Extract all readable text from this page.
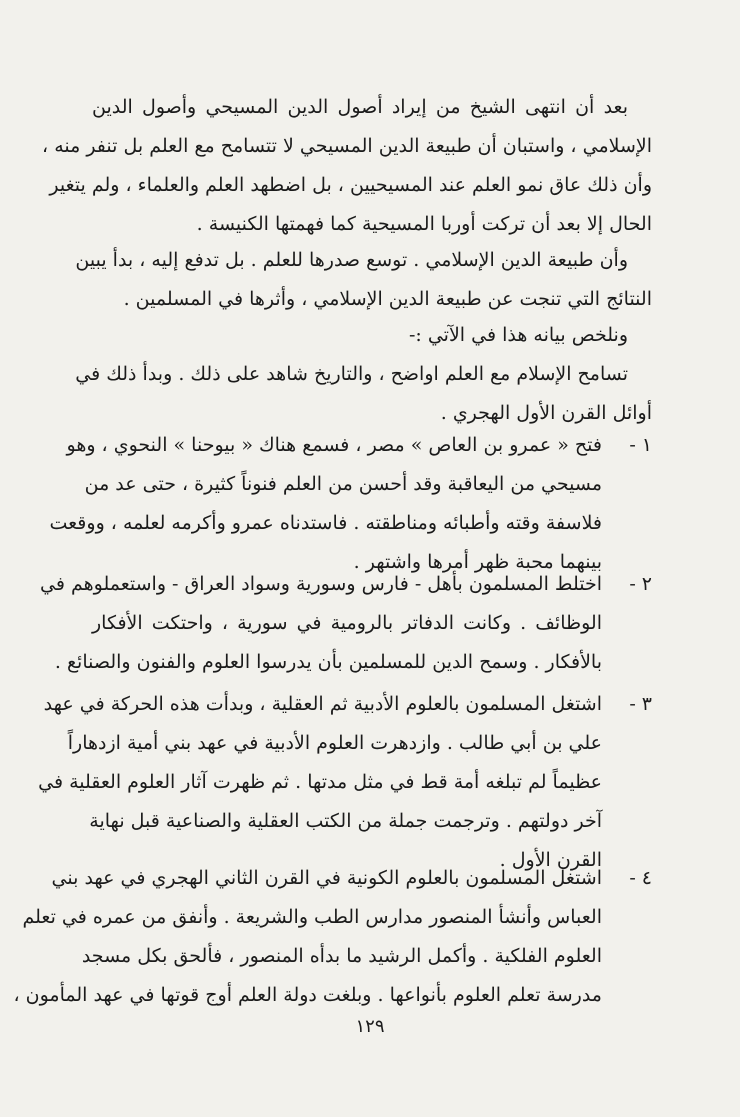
بعد أن انتهى الشيخ من إيراد أصول الدين المسيحي وأصول الدين
الإسلامي ، واستبان أن طبيعة الدين المسيحي لا تتسامح مع العلم بل تنفر منه ،
وأن ذلك عاق نمو العلم عند المسيحيين ، بل اضطهد العلم والعلماء ، ولم يتغير
الحال إلا بعد أن تركت أوربا المسيحية كما فهمتها الكنيسة .
وأن طبيعة الدين الإسلامي . توسع صدرها للعلم . بل تدفع إليه ، بدأ يبين
النتائج التي تنجت عن طبيعة الدين الإسلامي ، وأثرها في المسلمين .
ونلخص بيانه هذا في الآتي :-
تسامح الإسلام مع العلم اواضح ، والتاريخ شاهد على ذلك . وبدأ ذلك في
أوائل القرن الأول الهجري .
١ -
فتح « عمرو بن العاص » مصر ، فسمع هناك « بيوحنا » النحوي ، وهو
مسيحي من اليعاقبة وقد أحسن من العلم فنوناً كثيرة ، حتى عد من
فلاسفة وقته وأطبائه ومناطقته . فاستدناه عمرو وأكرمه لعلمه ، ووقعت
بينهما محبة ظهر أمرها واشتهر .
٢ -
اختلط المسلمون بأهل - فارس وسورية وسواد العراق - واستعملوهم في
الوظائف . وكانت الدفاتر بالرومية في سورية ، واحتكت الأفكار
بالأفكار . وسمح الدين للمسلمين بأن يدرسوا العلوم والفنون والصنائع .
٣ -
اشتغل المسلمون بالعلوم الأدبية ثم العقلية ، وبدأت هذه الحركة في عهد
علي بن أبي طالب . وازدهرت العلوم الأدبية في عهد بني أمية ازدهاراً
عظيماً لم تبلغه أمة قط في مثل مدتها . ثم ظهرت آثار العلوم العقلية في
آخر دولتهم . وترجمت جملة من الكتب العقلية والصناعية قبل نهاية
القرن الأول .
٤ -
اشتغل المسلمون بالعلوم الكونية في القرن الثاني الهجري في عهد بني
العباس وأنشأ المنصور مدارس الطب والشريعة . وأنفق من عمره في تعلم
العلوم الفلكية . وأكمل الرشيد ما بدأه المنصور ، فألحق بكل مسجد
مدرسة تعلم العلوم بأنواعها . وبلغت دولة العلم أوج قوتها في عهد المأمون ،
١٢٩
